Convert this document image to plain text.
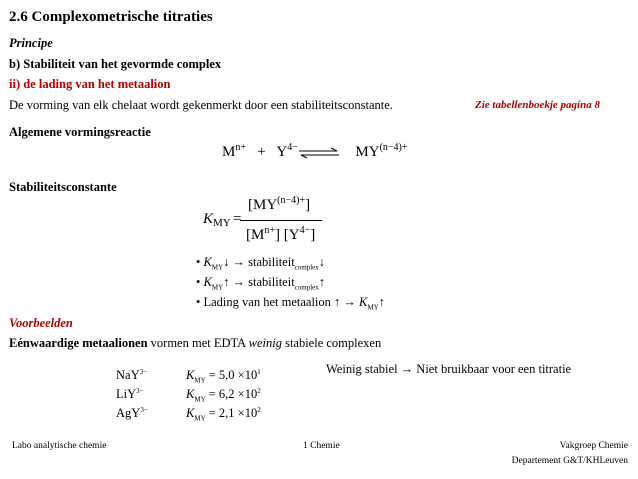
2.6 Complexometrische titraties
Principe
b) Stabiliteit van het gevormde complex
ii) de lading van het metaalion
De vorming van elk chelaat wordt gekenmerkt door een stabiliteitsconstante.	Zie tabellenboekje pagina 8
Algemene vormingsreactie
$M^{n+} + Y^{4-}$	$MY^{(n-4)+}$
Stabiliteitsconstante
$K_{MY}$ =
$[MY^{(n-4)+}]$
$[M^{n+}]$ $[Y^{4-}]$
• $K_{MY}↓$ → stabiliteit$_{complex}$↓
• $K_{MY}↑$ → stabiliteit$_{complex}$↑
• Lading van het metaalion ↑ → $K_{MY}↑$
Voorbeelden
Eénwaardige metaalionen vormen met EDTA weinig stabiele complexen
Weinig stabiel → Niet bruikbaar voor een titratie
NaY$^{3-}$	$K_{MY} = 5,0 \times 10^1$
LiY$^{3-}$	$K_{MY} = 6,2 \times 10^2$
AgY$^{3-}$	$K_{MY} = 2,1 \times 10^2$
Labo analytische chemie	1 Chemie	Vakgroep Chemie
Departement G&T/KHLeuven
